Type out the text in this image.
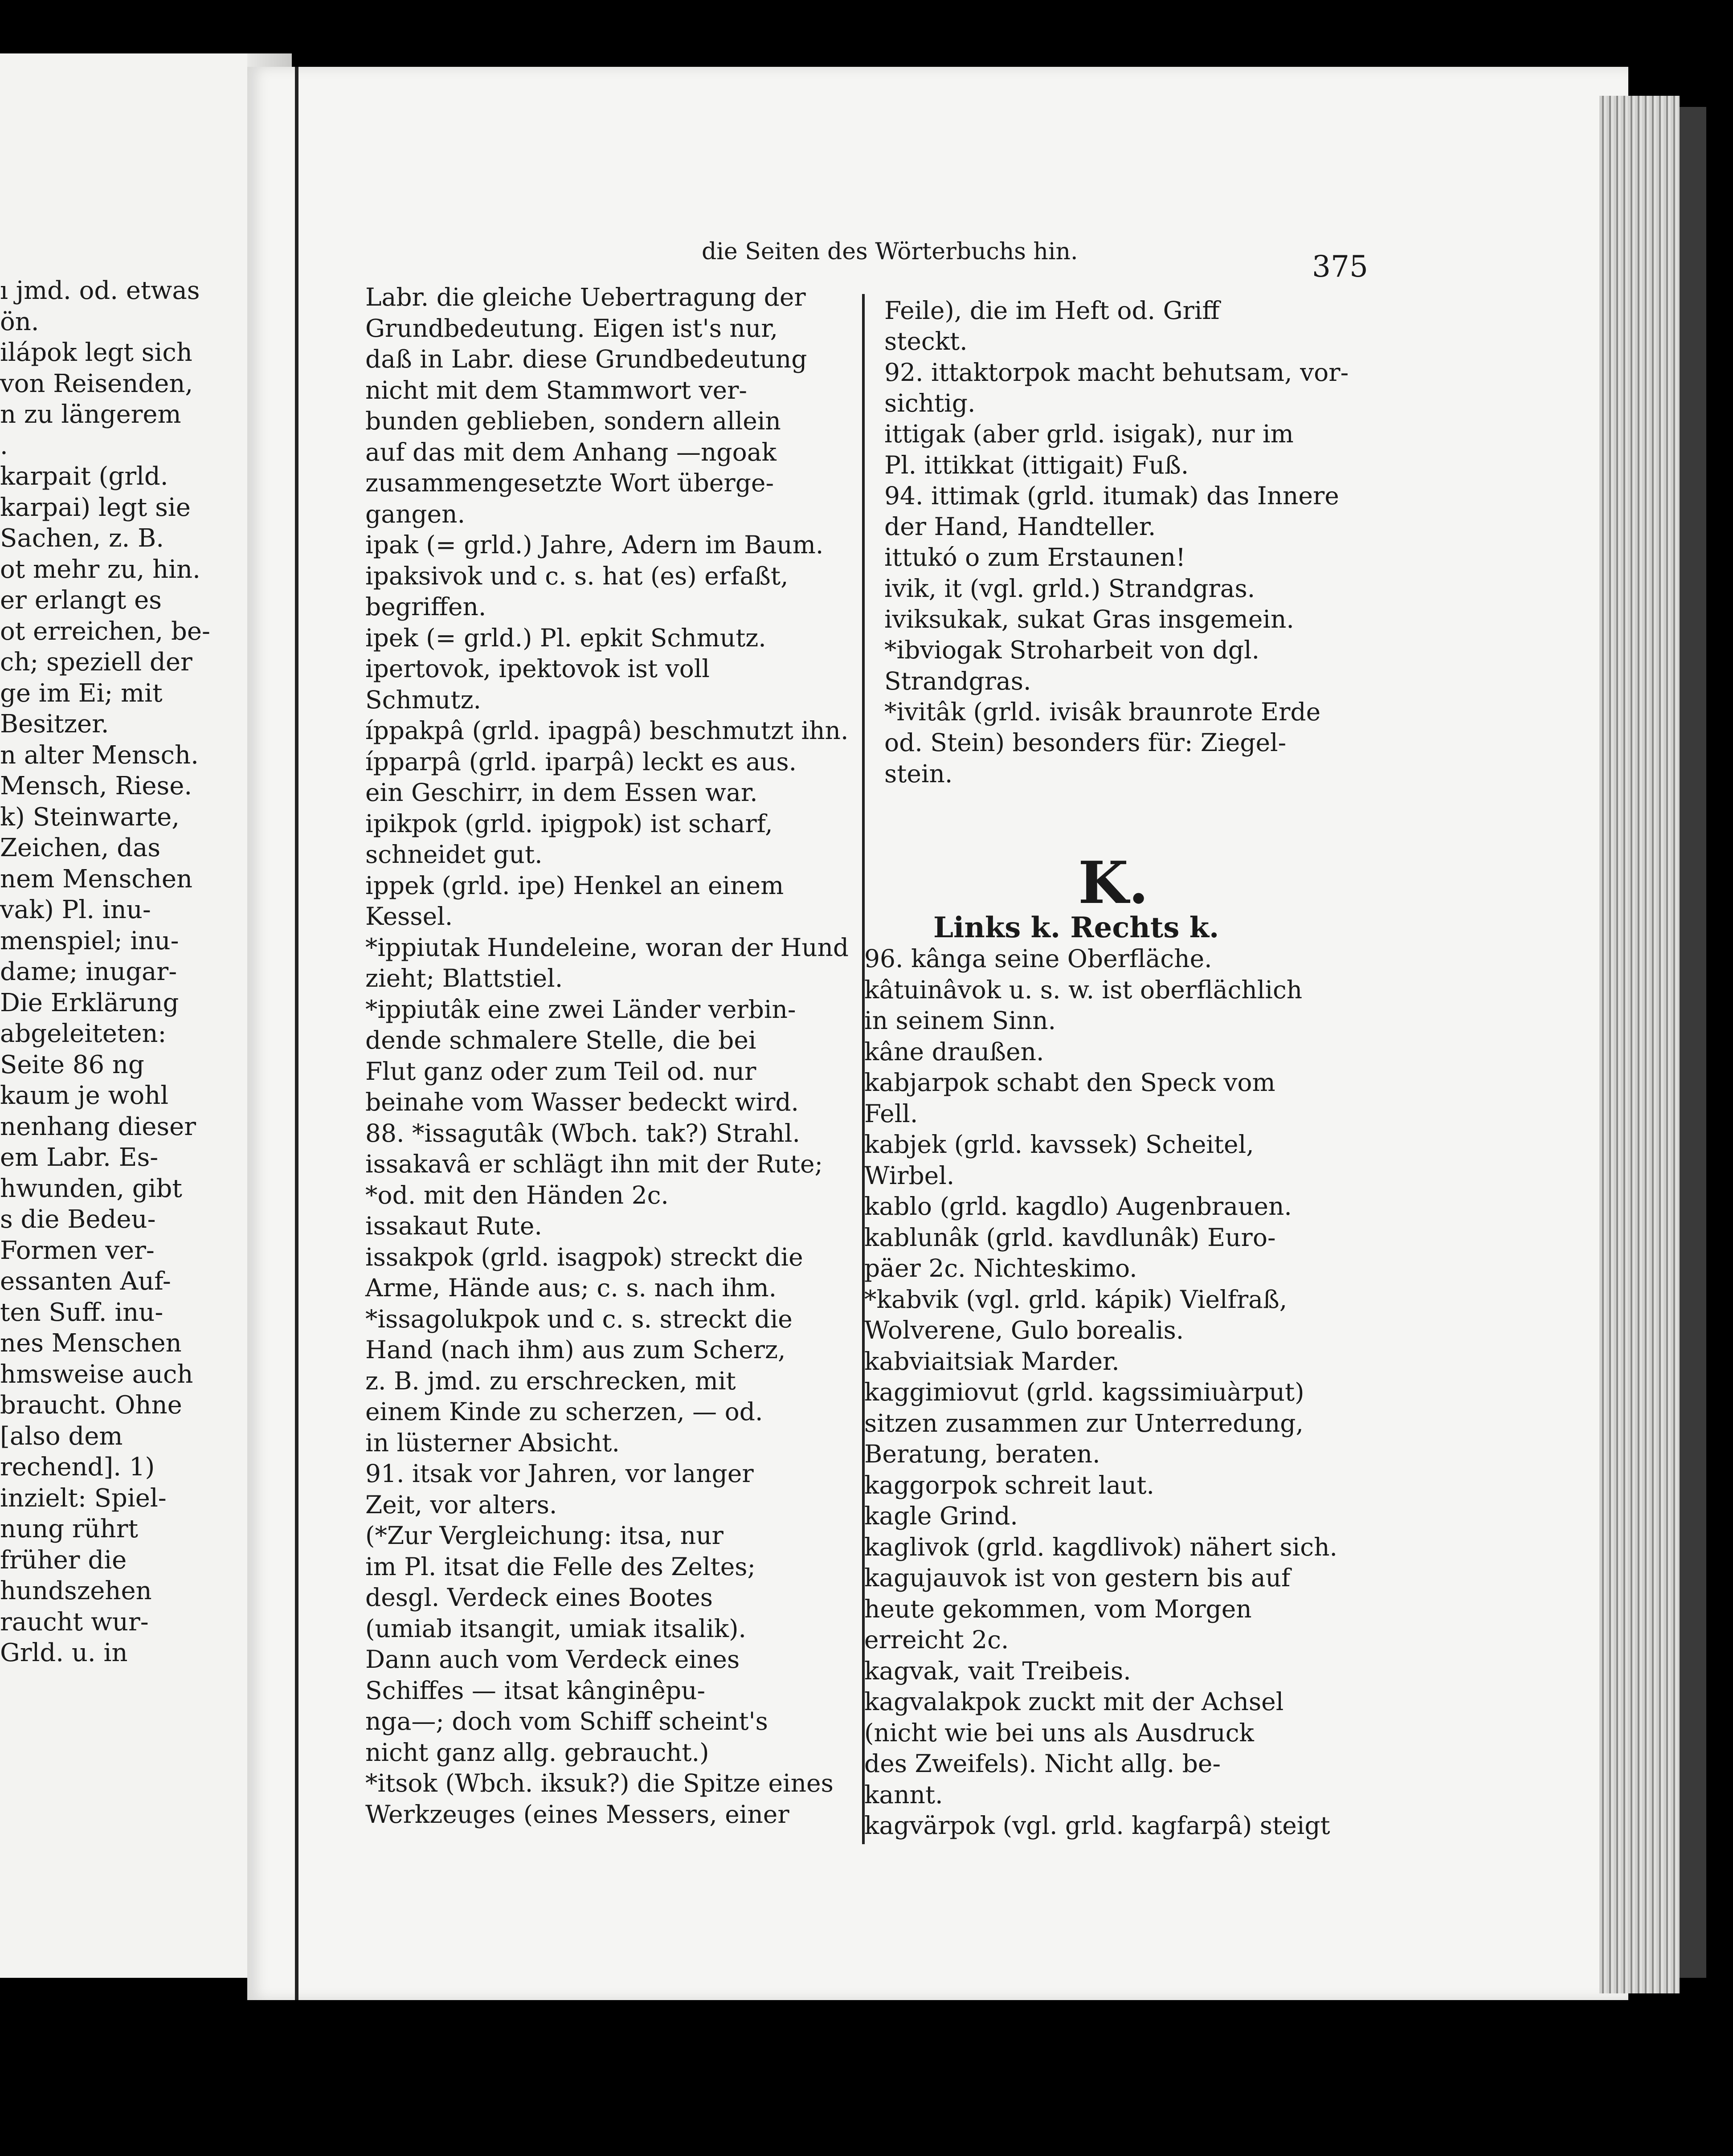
die Seiten des Wörterbuchs hin.	375
ı jmd. od. etwas
ön.
ilápok legt sich
von Reisenden,
n zu längerem
.
karpait (grld.
karpai) legt sie
Sachen, z. B.
ot mehr zu, hin.
er erlangt es
ot erreichen, be-
ch; speziell der
ge im Ei; mit
Besitzer.
n alter Mensch.
Mensch, Riese.
k) Steinwarte,
Zeichen, das
nem Menschen
vak) Pl. inu-
menspiel; inu-
dame; inugar-
Die Erklärung
abgeleiteten:
Seite 86 ng
kaum je wohl
nenhang dieser
em Labr. Es-
hwunden, gibt
s die Bedeu-
Formen ver-
essanten Auf-
ten Suff. inu-
nes Menschen
hmsweise auch
braucht. Ohne
[also dem
rechend]. 1)
inzielt: Spiel-
nung rührt
früher die
hundszehen
raucht wur-
Grld. u. in
Labr. die gleiche Uebertragung der
Grundbedeutung. Eigen ist's nur,
daß in Labr. diese Grundbedeutung
nicht mit dem Stammwort ver-
bunden geblieben, sondern allein
auf das mit dem Anhang —ngoak
zusammengesetzte Wort überge-
gangen.
ipak (= grld.) Jahre, Adern im Baum.
ipaksivok und c. s. hat (es) erfaßt,
begriffen.
ipek (= grld.) Pl. epkit Schmutz.
ipertovok, ipektovok ist voll
Schmutz.
íppakpâ (grld. ipagpâ) beschmutzt ihn.
ípparpâ (grld. iparpâ) leckt es aus.
ein Geschirr, in dem Essen war.
ipikpok (grld. ipigpok) ist scharf,
schneidet gut.
ippek (grld. ipe) Henkel an einem
Kessel.
*ippiutak Hundeleine, woran der Hund
zieht; Blattstiel.
*ippiutâk eine zwei Länder verbin-
dende schmalere Stelle, die bei
Flut ganz oder zum Teil od. nur
beinahe vom Wasser bedeckt wird.
88. *issagutâk (Wbch. tak?) Strahl.
issakavâ er schlägt ihn mit der Rute;
*od. mit den Händen 2c.
issakaut Rute.
issakpok (grld. isagpok) streckt die
Arme, Hände aus; c. s. nach ihm.
*issagolukpok und c. s. streckt die
Hand (nach ihm) aus zum Scherz,
z. B. jmd. zu erschrecken, mit
einem Kinde zu scherzen, — od.
in lüsterner Absicht.
91. itsak vor Jahren, vor langer
Zeit, vor alters.
(*Zur Vergleichung: itsa, nur
im Pl. itsat die Felle des Zeltes;
desgl. Verdeck eines Bootes
(umiab itsangit, umiak itsalik).
Dann auch vom Verdeck eines
Schiffes — itsat kânginêpu-
nga—; doch vom Schiff scheint's
nicht ganz allg. gebraucht.)
*itsok (Wbch. iksuk?) die Spitze eines
Werkzeuges (eines Messers, einer
Feile), die im Heft od. Griff
steckt.
92. ittaktorpok macht behutsam, vor-
sichtig.
ittigak (aber grld. isigak), nur im
Pl. ittikkat (ittigait) Fuß.
94. ittimak (grld. itumak) das Innere
der Hand, Handteller.
ittukó o zum Erstaunen!
ivik, it (vgl. grld.) Strandgras.
iviksukak, sukat Gras insgemein.
*ibviogak Stroharbeit von dgl.
Strandgras.
*ivitâk (grld. ivisâk braunrote Erde
od. Stein) besonders für: Ziegel-
stein.
K.
Links k. Rechts k.
96. kânga seine Oberfläche.
kâtuinâvok u. s. w. ist oberflächlich
in seinem Sinn.
kâne draußen.
kabjarpok schabt den Speck vom
Fell.
kabjek (grld. kavssek) Scheitel,
Wirbel.
kablo (grld. kagdlo) Augenbrauen.
kablunâk (grld. kavdlunâk) Euro-
päer 2c. Nichteskimo.
*kabvik (vgl. grld. kápik) Vielfraß,
Wolverene, Gulo borealis.
kabviaitsiak Marder.
kaggimiovut (grld. kagssimiuàrput)
sitzen zusammen zur Unterredung,
Beratung, beraten.
kaggorpok schreit laut.
kagle Grind.
kaglivok (grld. kagdlivok) nähert sich.
kagujauvok ist von gestern bis auf
heute gekommen, vom Morgen
erreicht 2c.
kagvak, vait Treibeis.
kagvalakpok zuckt mit der Achsel
(nicht wie bei uns als Ausdruck
des Zweifels). Nicht allg. be-
kannt.
kagvärpok (vgl. grld. kagfarpâ) steigt
